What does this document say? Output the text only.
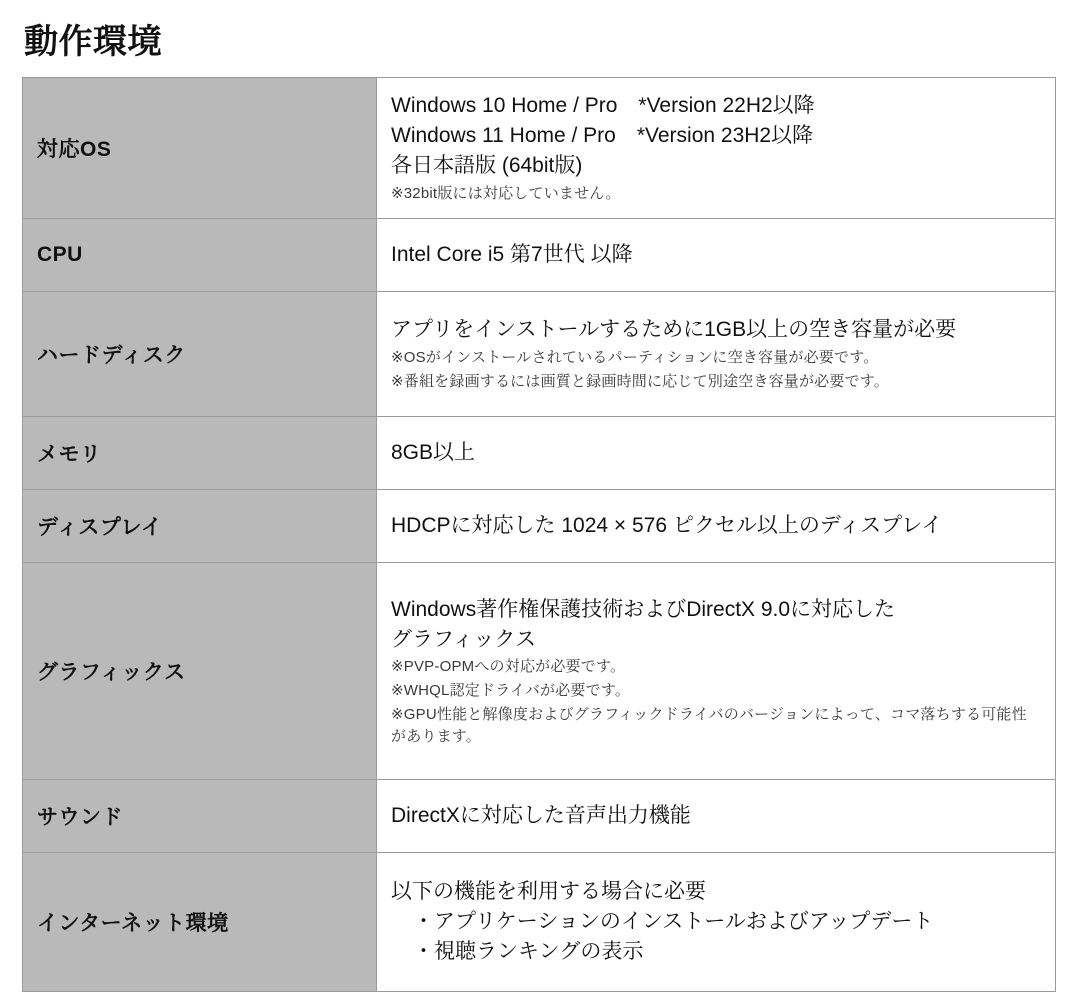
動作環境
対応OS	Windows 10 Home / Pro　*Version 22H2以降
Windows 11 Home / Pro　*Version 23H2以降
各日本語版 (64bit版)
※32bit版には対応していません。

CPU	Intel Core i5 第7世代 以降

ハードディスク	アプリをインストールするために1GB以上の空き容量が必要
※OSがインストールされているパーティションに空き容量が必要です。
※番組を録画するには画質と録画時間に応じて別途空き容量が必要です。

メモリ	8GB以上

ディスプレイ	HDCPに対応した 1024 × 576 ピクセル以上のディスプレイ

グラフィックス	Windows著作権保護技術およびDirectX 9.0に対応した
グラフィックス
※PVP-OPMへの対応が必要です。
※WHQL認定ドライバが必要です。
※GPU性能と解像度およびグラフィックドライバのバージョンによって、コマ落ちする可能性があります。

サウンド	DirectXに対応した音声出力機能

インターネット環境	以下の機能を利用する場合に必要
・アプリケーションのインストールおよびアップデート
・視聴ランキングの表示
